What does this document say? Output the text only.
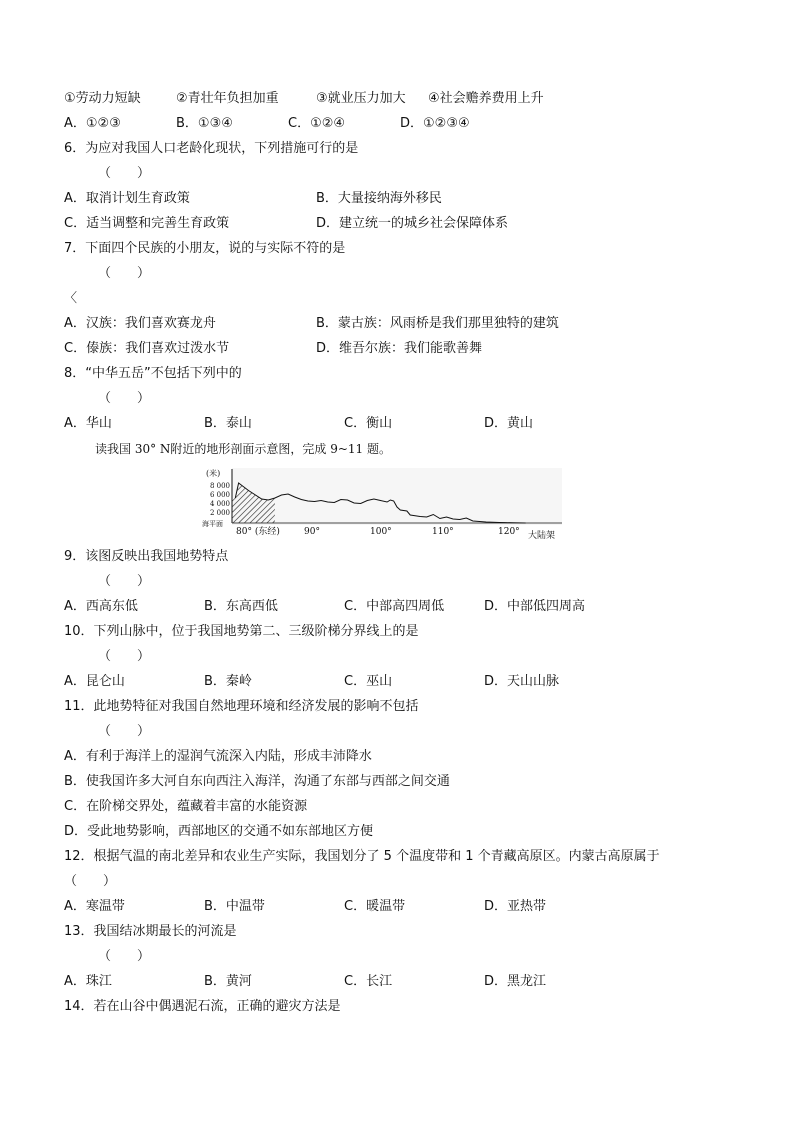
①劳动力短缺	②青壮年负担加重	③就业压力加大 ④社会赡养费用上升
A．①②③	B．①③④	C．①②④	D．①②③④
6．为应对我国人口老龄化现状，下列措施可行的是
（　　）
A．取消计划生育政策	B．大量接纳海外移民
C．适当调整和完善生育政策	D．建立统一的城乡社会保障体系
7．下面四个民族的小朋友，说的与实际不符的是
（　　）
〈
A．汉族：我们喜欢赛龙舟	B．蒙古族：风雨桥是我们那里独特的建筑
C．傣族：我们喜欢过泼水节	D．维吾尔族：我们能歌善舞
8．“中华五岳”不包括下列中的
（　　）
A．华山	B．泰山	C．衡山	D．黄山
读我国 30° N附近的地形剖面示意图，完成 9~11 题。
(米)
8 000
6 000
4 000
2 000
海平面
80° (东经)	90°	100°	110°	120° 大陆架
9．该图反映出我国地势特点
（　　）
A．西高东低	B．东高西低	C．中部高四周低	D．中部低四周高
10．下列山脉中，位于我国地势第二、三级阶梯分界线上的是
（　　）
A．昆仑山	B．秦岭	C．巫山	D．天山山脉
11．此地势特征对我国自然地理环境和经济发展的影响不包括
（　　）
A．有利于海洋上的湿润气流深入内陆，形成丰沛降水
B．使我国许多大河自东向西注入海洋，沟通了东部与西部之间交通
C．在阶梯交界处，蕴藏着丰富的水能资源
D．受此地势影响，西部地区的交通不如东部地区方便
12．根据气温的南北差异和农业生产实际，我国划分了 5 个温度带和 1 个青藏高原区。内蒙古高原属于
（　　）
A．寒温带	B．中温带	C．暖温带	D．亚热带
13．我国结冰期最长的河流是
（　　）
A．珠江	B．黄河	C．长江	D．黑龙江
14．若在山谷中偶遇泥石流，正确的避灾方法是
